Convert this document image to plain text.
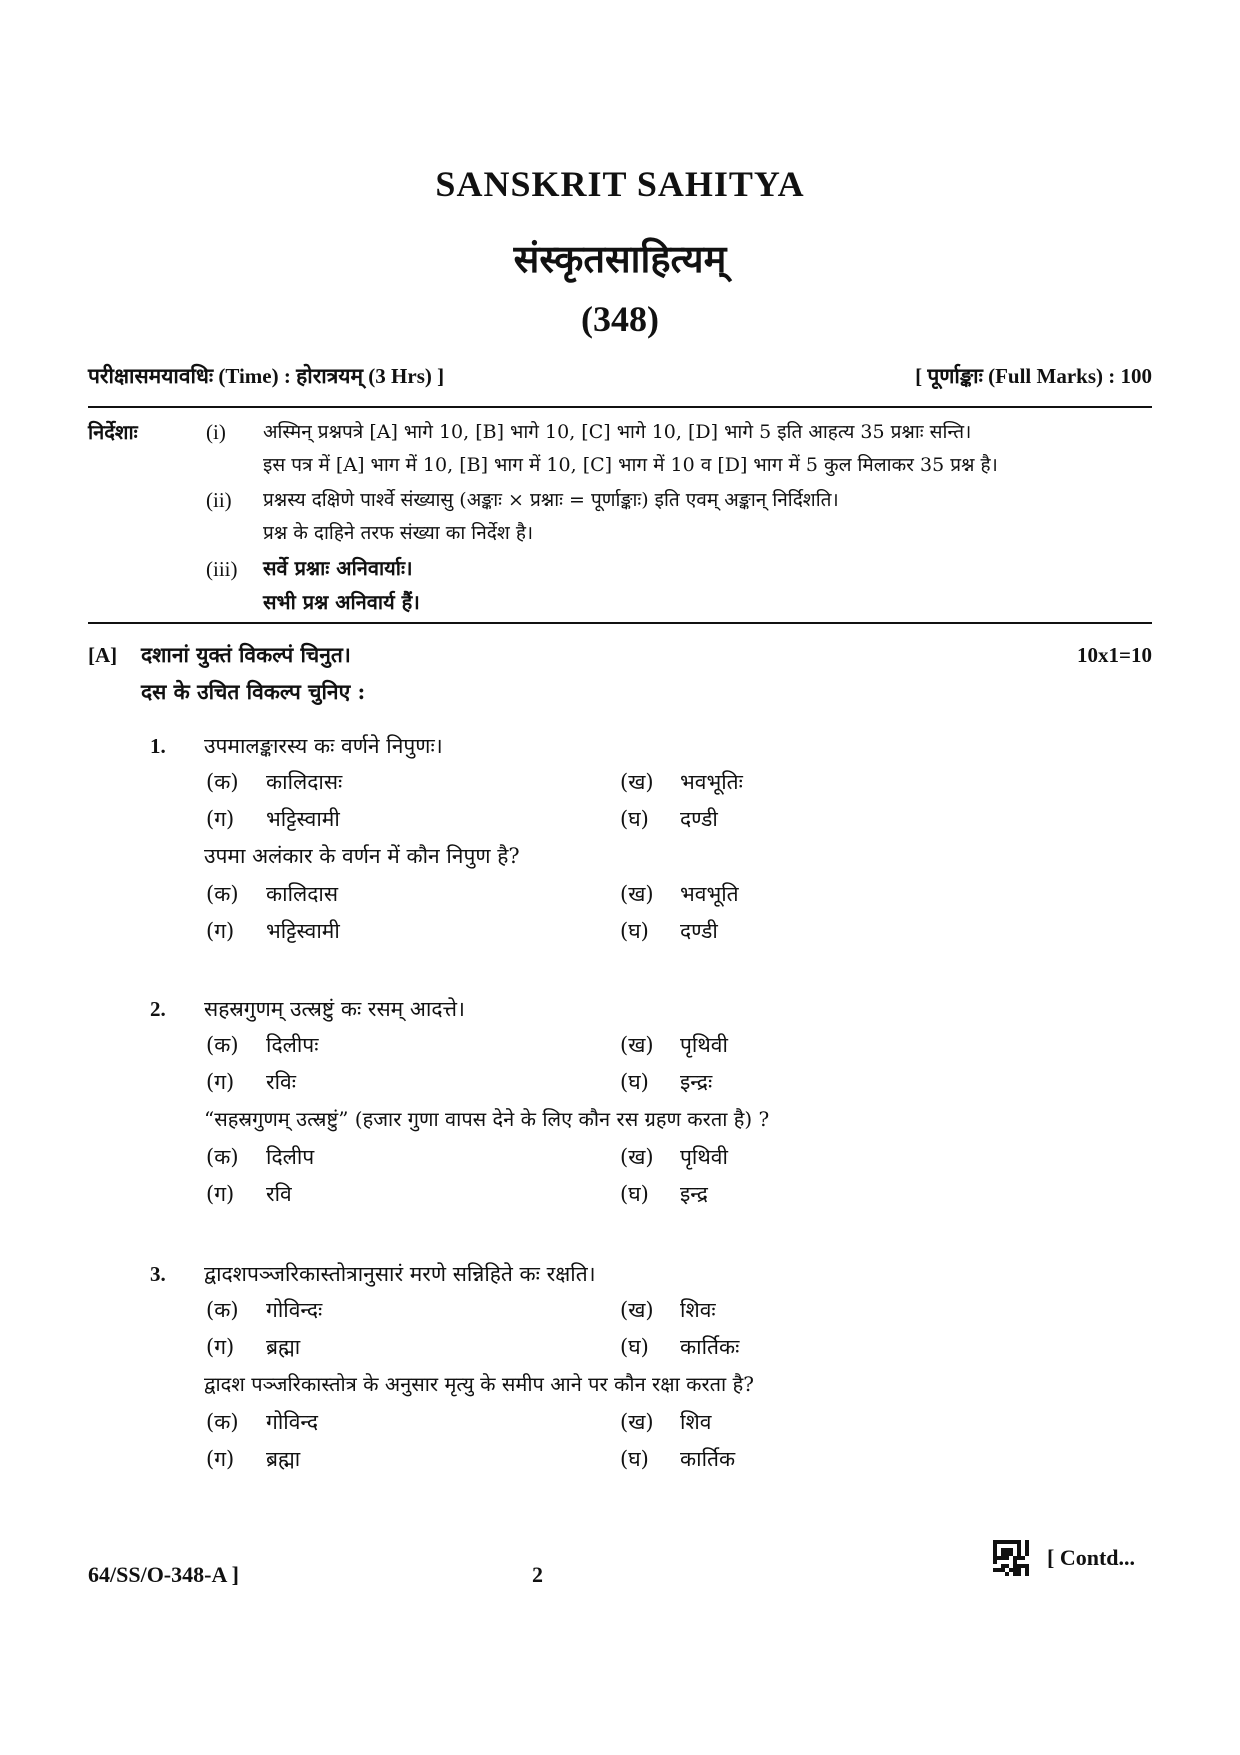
SANSKRIT SAHITYA
संस्कृतसाहित्यम्
(348)
परीक्षासमयावधिः (Time) : होरात्रयम् (3 Hrs) ]	[ पूर्णाङ्काः (Full Marks) : 100
निर्देशाः	(i) अस्मिन् प्रश्नपत्रे [A] भागे 10, [B] भागे 10, [C] भागे 10, [D] भागे 5 इति आहत्य 35 प्रश्नाः सन्ति।
इस पत्र में [A] भाग में 10, [B] भाग में 10, [C] भाग में 10 व [D] भाग में 5 कुल मिलाकर 35 प्रश्न है।
(ii) प्रश्नस्य दक्षिणे पार्श्वे संख्यासु (अङ्काः × प्रश्नाः = पूर्णाङ्काः) इति एवम् अङ्कान् निर्दिशति।
प्रश्न के दाहिने तरफ संख्या का निर्देश है।
(iii) सर्वे प्रश्नाः अनिवार्याः।
सभी प्रश्न अनिवार्य हैं।
[A] दशानां युक्तं विकल्पं चिनुत।
दस के उचित विकल्प चुनिए :
10x1=10
1. उपमालङ्कारस्य कः वर्णने निपुणः।
(क) कालिदासः	(ख) भवभूतिः
(ग) भट्टिस्वामी	(घ) दण्डी
उपमा अलंकार के वर्णन में कौन निपुण है?
(क) कालिदास	(ख) भवभूति
(ग) भट्टिस्वामी	(घ) दण्डी
2. सहस्रगुणम् उत्स्रष्टुं कः रसम् आदत्ते।
(क) दिलीपः	(ख) पृथिवी
(ग) रविः	(घ) इन्द्रः
“सहस्रगुणम् उत्स्रष्टुं” (हजार गुणा वापस देने के लिए कौन रस ग्रहण करता है) ?
(क) दिलीप	(ख) पृथिवी
(ग) रवि	(घ) इन्द्र
3. द्वादशपञ्जरिकास्तोत्रानुसारं मरणे सन्निहिते कः रक्षति।
(क) गोविन्दः	(ख) शिवः
(ग) ब्रह्मा	(घ) कार्तिकः
द्वादश पञ्जरिकास्तोत्र के अनुसार मृत्यु के समीप आने पर कौन रक्षा करता है?
(क) गोविन्द	(ख) शिव
(ग) ब्रह्मा	(घ) कार्तिक
64/SS/O-348-A ]	2
[ Contd...
